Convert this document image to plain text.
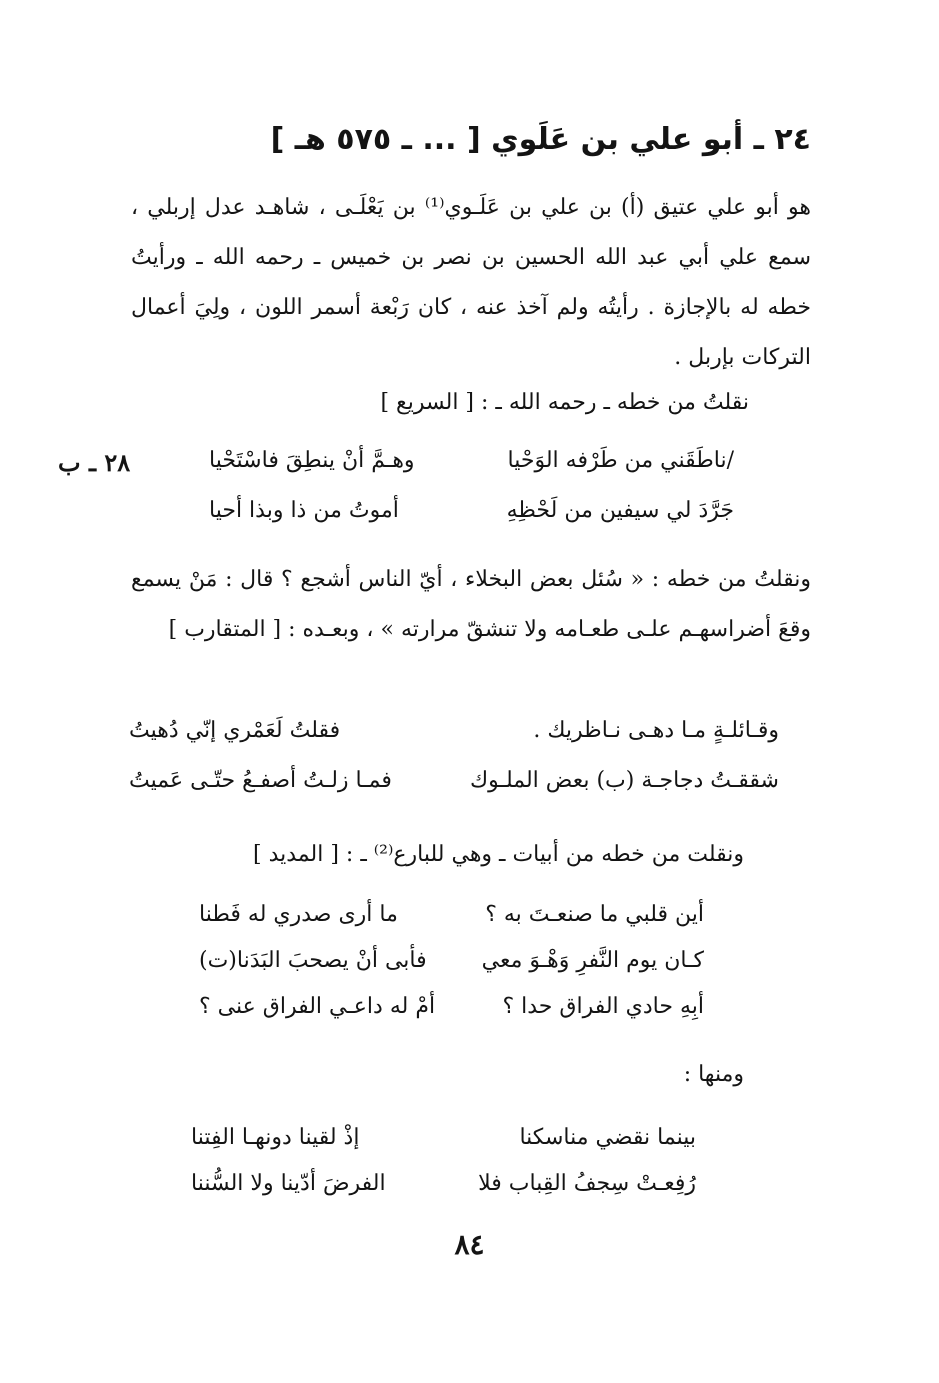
٢٤ ـ أبو علي بن عَلَوي [ ... ـ ٥٧٥ هـ ]
هو أبو علي عتيق (أ) بن علي بن عَلَـوي⁽¹⁾ بن يَعْلَـى ، شاهـد عدل إربلي ، سمع علي أبي عبد الله الحسين بن نصر بن خميس ـ رحمه الله ـ ورأيتُ خطه له بالإجازة . رأيتُه ولم آخذ عنه ، كان رَبْعة أسمر اللون ، ولِيَ أعمال التركات بإربل .
نقلتُ من خطه ـ رحمه الله ـ : [ السريع ]
٢٨ ـ ب	/ناطَقَني من طَرْفه الوَحْيا
وهـمَّ أنْ ينطِقَ فاسْتَحْيا
جَرَّدَ لي سيفين من لَحْظِهِ
أموتُ من ذا وبذا أحيا
ونقلتُ من خطه : « سُئل بعض البخلاء ، أيّ الناس أشجع ؟ قال : مَنْ يسمع وقعَ أضراسهـم علـى طعـامه ولا تنشقّ مرارته » ، وبعـده : [ المتقارب ]
وقـائلـةٍ مـا دهـى نـاظريك .
فقلتُ لَعَمْري إنّي دُهيتُ
شققـتُ دجاجـة (ب) بعض الملـوك
فمـا زلـتُ أصفـعُ حتّـى عَميتُ
ونقلت من خطه من أبيات ـ وهي للبارع⁽²⁾ ـ : [ المديد ]
أين قلبي ما صنعـتَ به ؟
ما أرى صدري له فَطنا
كـان يوم النَّفرِ وَهْـوَ معي
فأبى أنْ يصحبَ البَدَنا(ت)
أبِهِ حادي الفراق حدا ؟
أمْ له داعـي الفراق عنى ؟
ومنها :
بينما نقضي مناسكنا
إذْ لقينا دونهـا الفِتنا
رُفِعـتْ سِجفُ القِباب فلا
الفرضَ أدّينا ولا السُّننا
٨٤
